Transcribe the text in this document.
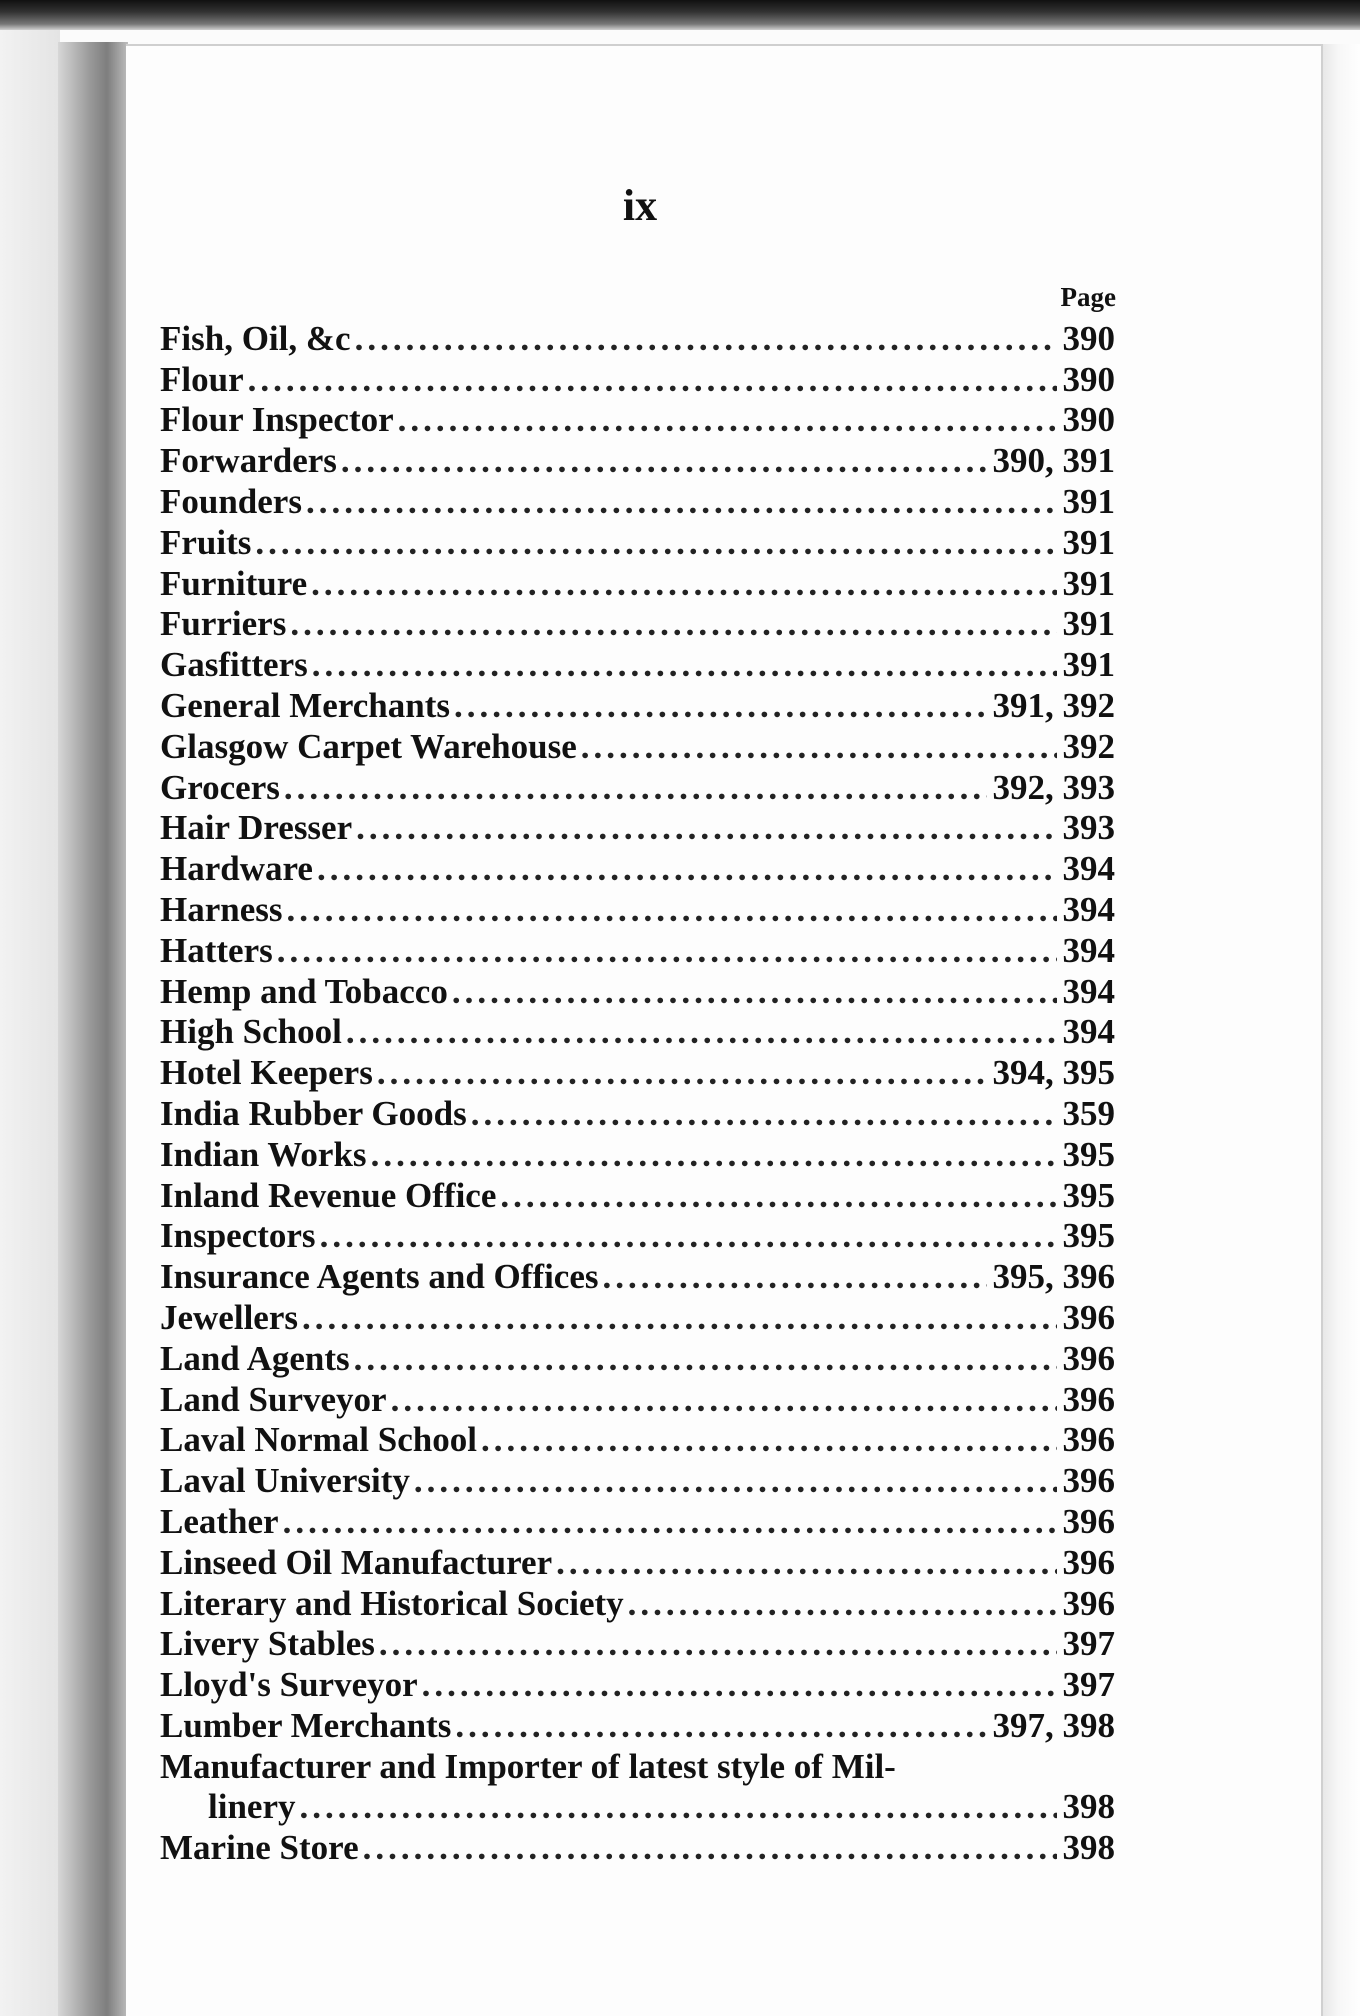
ix
Page
Fish, Oil, &c .....	390
Flour .....	390
Flour Inspector .....	390
Forwarders .....	390, 391
Founders .....	391
Fruits .....	391
Furniture .....	391
Furriers .....	391
Gasfitters .....	391
General Merchants .....	391, 392
Glasgow Carpet Warehouse .....	392
Grocers .....	392, 393
Hair Dresser .....	393
Hardware .....	394
Harness .....	394
Hatters .....	394
Hemp and Tobacco .....	394
High School .....	394
Hotel Keepers .....	394, 395
India Rubber Goods .....	359
Indian Works .....	395
Inland Revenue Office .....	395
Inspectors .....	395
Insurance Agents and Offices .....	395, 396
Jewellers .....	396
Land Agents .....	396
Land Surveyor .....	396
Laval Normal School .....	396
Laval University .....	396
Leather .....	396
Linseed Oil Manufacturer .....	396
Literary and Historical Society .....	396
Livery Stables .....	397
Lloyd's Surveyor .....	397
Lumber Merchants .....	397, 398
Manufacturer and Importer of latest style of Mil-
linery .....	398
Marine Store .....	398
